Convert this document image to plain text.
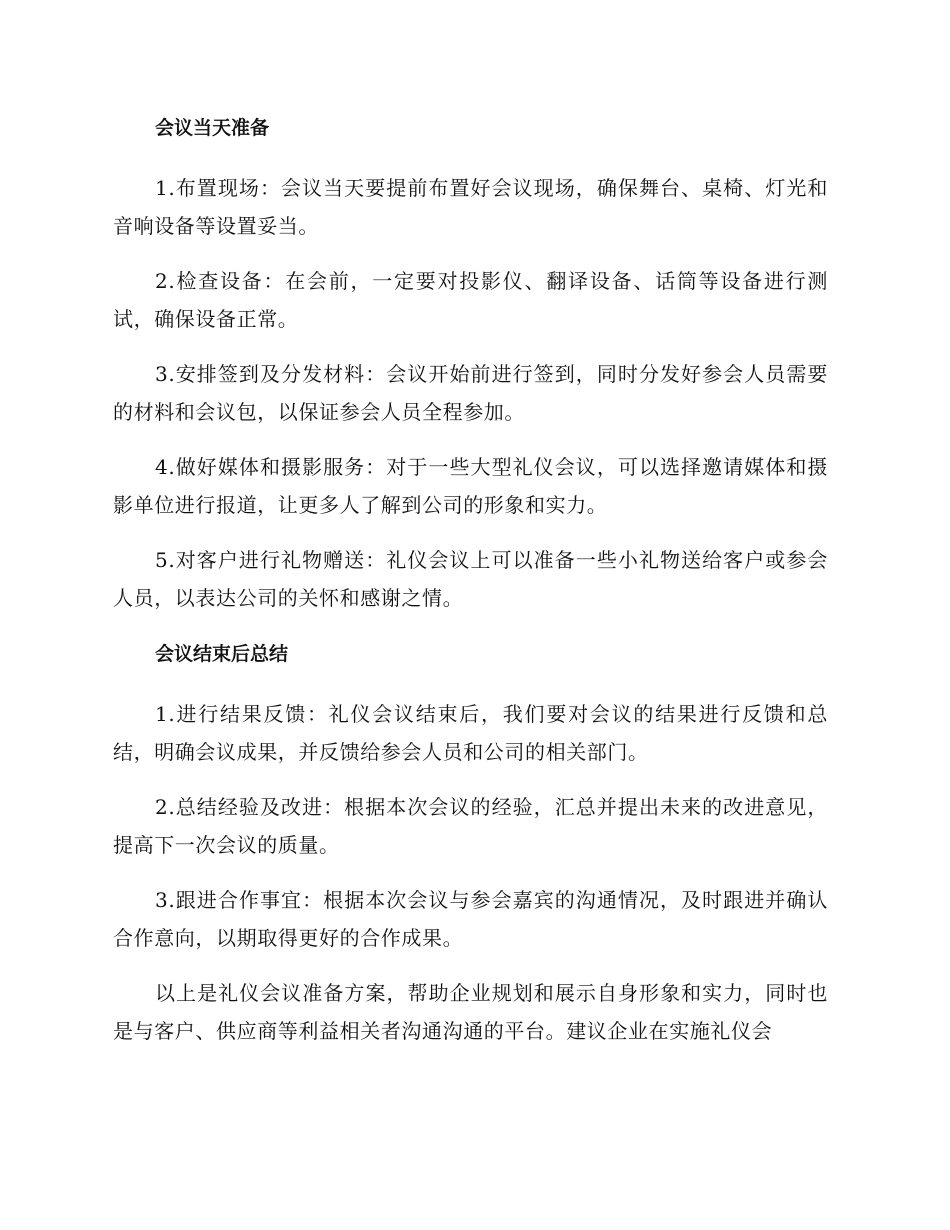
会议当天准备

1.布置现场：会议当天要提前布置好会议现场，确保舞台、桌椅、灯光和音响设备等设置妥当。

2.检查设备：在会前，一定要对投影仪、翻译设备、话筒等设备进行测试，确保设备正常。

3.安排签到及分发材料：会议开始前进行签到，同时分发好参会人员需要的材料和会议包，以保证参会人员全程参加。

4.做好媒体和摄影服务：对于一些大型礼仪会议，可以选择邀请媒体和摄影单位进行报道，让更多人了解到公司的形象和实力。

5.对客户进行礼物赠送：礼仪会议上可以准备一些小礼物送给客户或参会人员，以表达公司的关怀和感谢之情。

会议结束后总结

1.进行结果反馈：礼仪会议结束后，我们要对会议的结果进行反馈和总结，明确会议成果，并反馈给参会人员和公司的相关部门。

2.总结经验及改进：根据本次会议的经验，汇总并提出未来的改进意见，提高下一次会议的质量。

3.跟进合作事宜：根据本次会议与参会嘉宾的沟通情况，及时跟进并确认合作意向，以期取得更好的合作成果。

以上是礼仪会议准备方案，帮助企业规划和展示自身形象和实力，同时也是与客户、供应商等利益相关者沟通沟通的平台。建议企业在实施礼仪会
